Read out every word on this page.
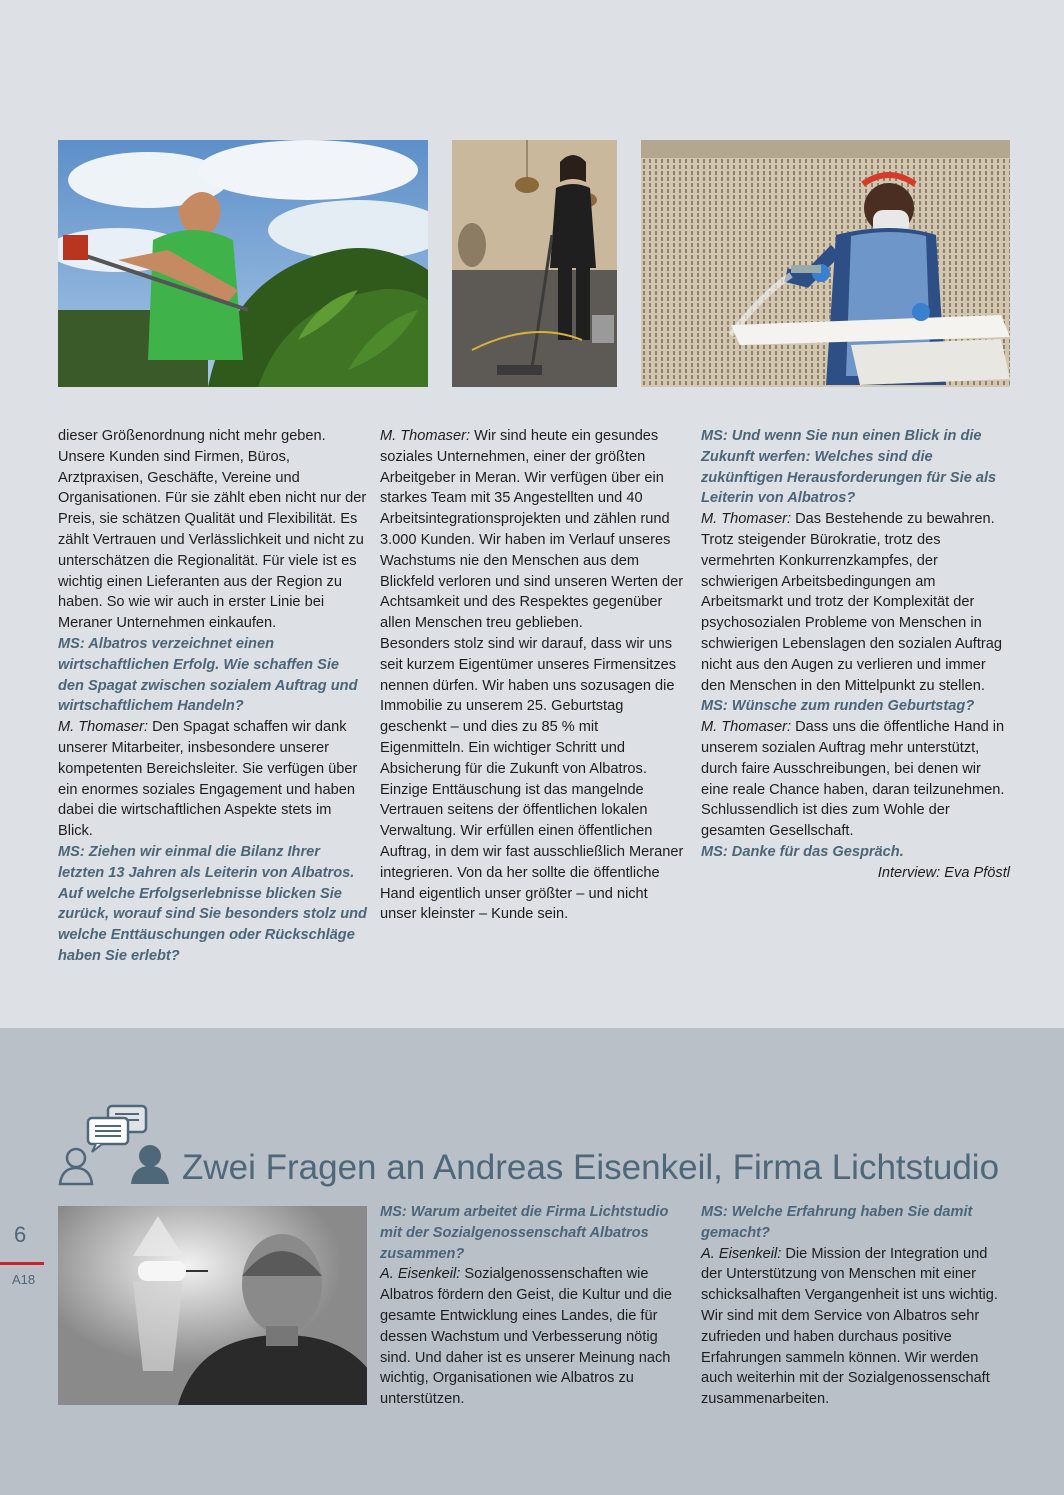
dieser Größenordnung nicht mehr geben. Unsere Kunden sind Firmen, Büros, Arztpraxisen, Geschäfte, Vereine und Organisationen. Für sie zählt eben nicht nur der Preis, sie schätzen Qualität und Flexibilität. Es zählt Vertrauen und Verlässlichkeit und nicht zu unterschätzen die Regionalität. Für viele ist es wichtig einen Lieferanten aus der Region zu haben. So wie wir auch in erster Linie bei Meraner Unternehmen einkaufen.

MS: Albatros verzeichnet einen wirtschaftlichen Erfolg. Wie schaffen Sie den Spagat zwischen sozialem Auftrag und wirtschaftlichem Handeln?

M. Thomaser: Den Spagat schaffen wir dank unserer Mitarbeiter, insbesondere unserer kompetenten Bereichsleiter. Sie verfügen über ein enormes soziales Engagement und haben dabei die wirtschaftlichen Aspekte stets im Blick.

MS: Ziehen wir einmal die Bilanz Ihrer letzten 13 Jahren als Leiterin von Albatros. Auf welche Erfolgserlebnisse blicken Sie zurück, worauf sind Sie besonders stolz und welche Enttäuschungen oder Rückschläge haben Sie erlebt?

M. Thomaser: Wir sind heute ein gesundes soziales Unternehmen, einer der größten Arbeitgeber in Meran. Wir verfügen über ein starkes Team mit 35 Angestellten und 40 Arbeitsintegrationsprojekten und zählen rund 3.000 Kunden. Wir haben im Verlauf unseres Wachstums nie den Menschen aus dem Blickfeld verloren und sind unseren Werten der Achtsamkeit und des Respektes gegenüber allen Menschen treu geblieben.

Besonders stolz sind wir darauf, dass wir uns seit kurzem Eigentümer unseres Firmensitzes nennen dürfen. Wir haben uns sozusagen die Immobilie zu unserem 25. Geburtstag geschenkt – und dies zu 85 % mit Eigenmitteln. Ein wichtiger Schritt und Absicherung für die Zukunft von Albatros.

Einzige Enttäuschung ist das mangelnde Vertrauen seitens der öffentlichen lokalen Verwaltung. Wir erfüllen einen öffentlichen Auftrag, in dem wir fast ausschließlich Meraner integrieren. Von da her sollte die öffentliche Hand eigentlich unser größter – und nicht unser kleinster – Kunde sein.

MS: Und wenn Sie nun einen Blick in die Zukunft werfen: Welches sind die zukünftigen Herausforderungen für Sie als Leiterin von Albatros?

M. Thomaser: Das Bestehende zu bewahren. Trotz steigender Bürokratie, trotz des vermehrten Konkurrenzkampfes, der schwierigen Arbeitsbedingungen am Arbeitsmarkt und trotz der Komplexität der psychosozialen Probleme von Menschen in schwierigen Lebenslagen den sozialen Auftrag nicht aus den Augen zu verlieren und immer den Menschen in den Mittelpunkt zu stellen.

MS: Wünsche zum runden Geburtstag?

M. Thomaser: Dass uns die öffentliche Hand in unserem sozialen Auftrag mehr unterstützt, durch faire Ausschreibungen, bei denen wir eine reale Chance haben, daran teilzunehmen. Schlussendlich ist dies zum Wohle der gesamten Gesellschaft.

MS: Danke für das Gespräch.

Interview: Eva Pföstl

Zwei Fragen an Andreas Eisenkeil, Firma Lichtstudio

MS: Warum arbeitet die Firma Lichtstudio mit der Sozialgenossenschaft Albatros zusammen?

A. Eisenkeil: Sozialgenossenschaften wie Albatros fördern den Geist, die Kultur und die gesamte Entwicklung eines Landes, die für dessen Wachstum und Verbesserung nötig sind. Und daher ist es unserer Meinung nach wichtig, Organisationen wie Albatros zu unterstützen.

MS: Welche Erfahrung haben Sie damit gemacht?

A. Eisenkeil: Die Mission der Integration und der Unterstützung von Menschen mit einer schicksalhaften Vergangenheit ist uns wichtig. Wir sind mit dem Service von Albatros sehr zufrieden und haben durchaus positive Erfahrungen sammeln können. Wir werden auch weiterhin mit der Sozialgenossenschaft zusammenarbeiten.

6
A18
